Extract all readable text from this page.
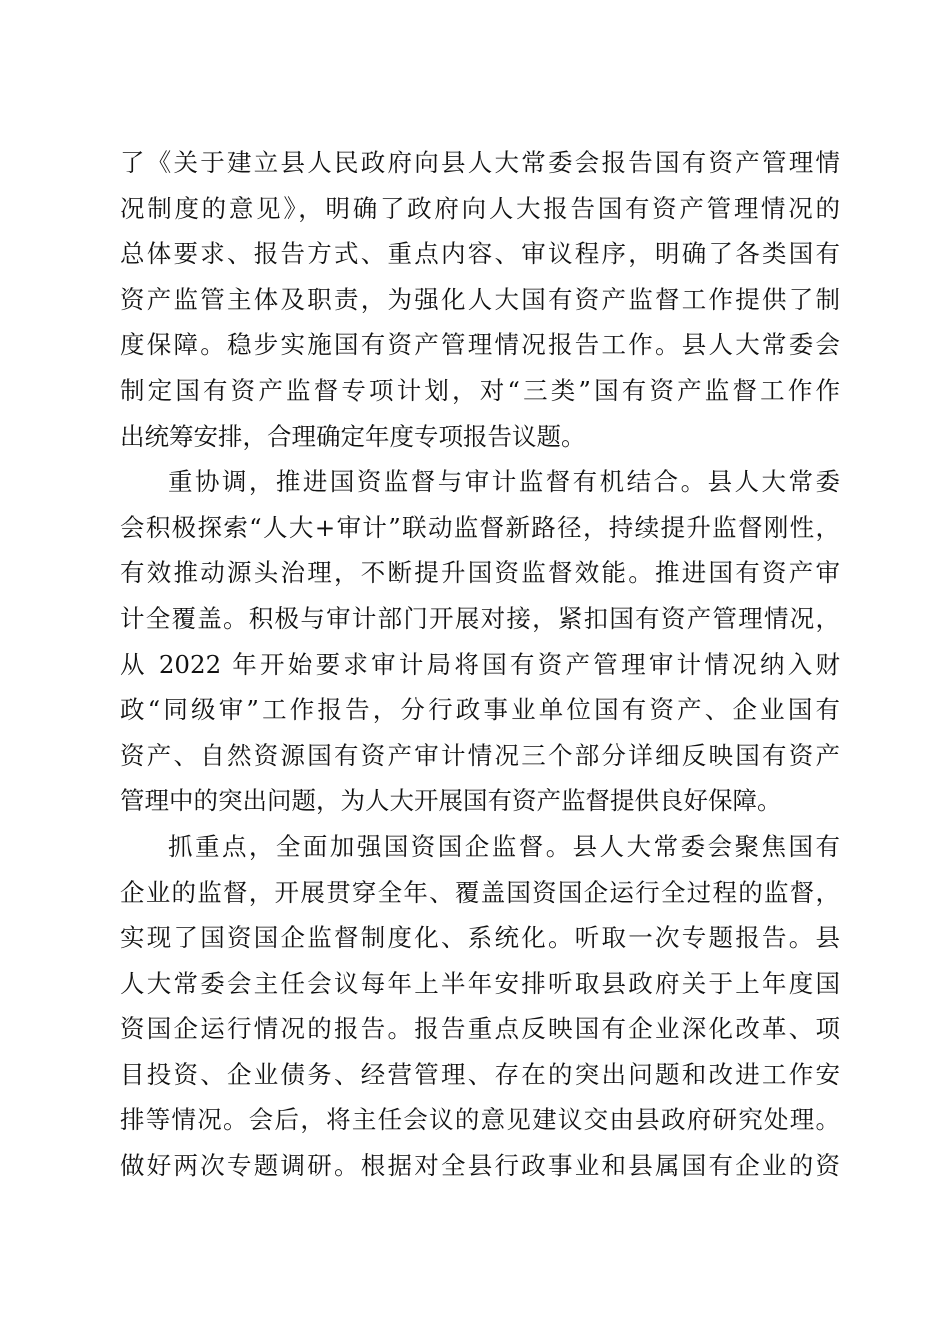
了《关于建立县人民政府向县人大常委会报告国有资产管理情
况制度的意见》，明确了政府向人大报告国有资产管理情况的
总体要求、报告方式、重点内容、审议程序，明确了各类国有
资产监管主体及职责，为强化人大国有资产监督工作提供了制
度保障。稳步实施国有资产管理情况报告工作。县人大常委会
制定国有资产监督专项计划，对“三类”国有资产监督工作作
出统筹安排，合理确定年度专项报告议题。
重协调，推进国资监督与审计监督有机结合。县人大常委
会积极探索“人大+审计”联动监督新路径，持续提升监督刚性，
有效推动源头治理，不断提升国资监督效能。推进国有资产审
计全覆盖。积极与审计部门开展对接，紧扣国有资产管理情况，
从 2022 年开始要求审计局将国有资产管理审计情况纳入财
政“同级审”工作报告，分行政事业单位国有资产、企业国有
资产、自然资源国有资产审计情况三个部分详细反映国有资产
管理中的突出问题，为人大开展国有资产监督提供良好保障。
抓重点，全面加强国资国企监督。县人大常委会聚焦国有
企业的监督，开展贯穿全年、覆盖国资国企运行全过程的监督，
实现了国资国企监督制度化、系统化。听取一次专题报告。县
人大常委会主任会议每年上半年安排听取县政府关于上年度国
资国企运行情况的报告。报告重点反映国有企业深化改革、项
目投资、企业债务、经营管理、存在的突出问题和改进工作安
排等情况。会后，将主任会议的意见建议交由县政府研究处理。
做好两次专题调研。根据对全县行政事业和县属国有企业的资
